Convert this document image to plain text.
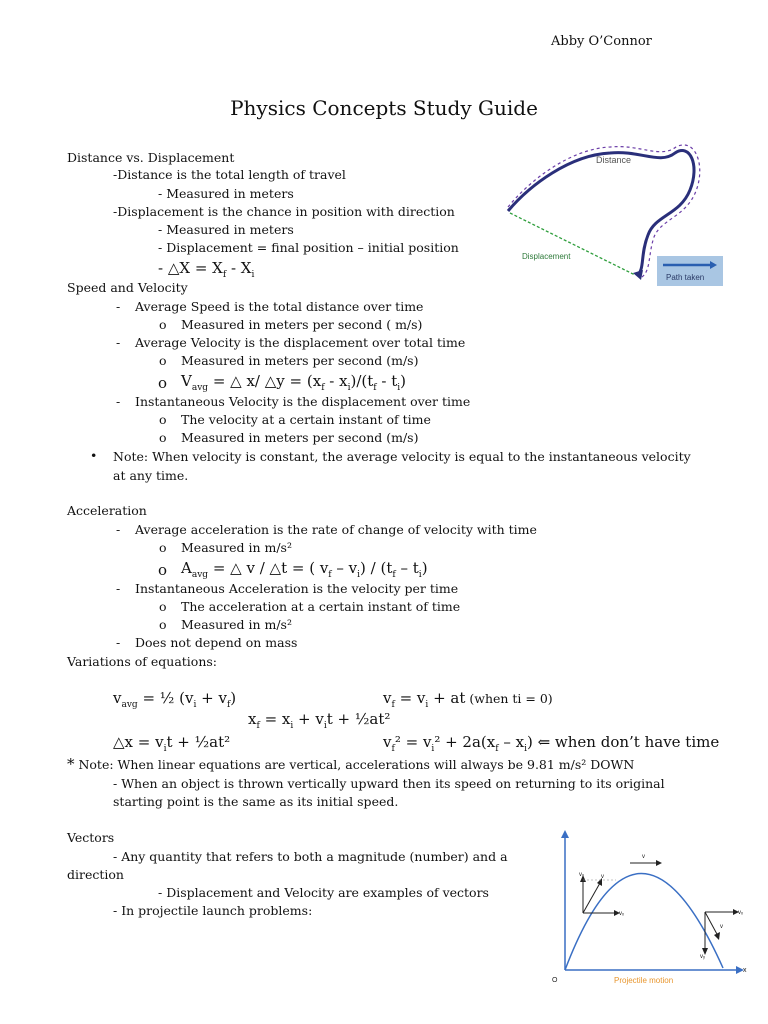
Abby O’Connor
Physics Concepts Study Guide
Distance vs. Displacement
-Distance is the total length of travel
- Measured in meters
-Displacement is the chance in position with direction
- Measured in meters
- Displacement = final position – initial position
- △X = $X_f - X_i$
Speed and Velocity
- Average Speed is the total distance over time
o Measured in meters per second ( m/s)
- Average Velocity is the displacement over total time
o Measured in meters per second (m/s)
o $V_{avg}$ = △ x/ △y = $(x_f - x_i)/(t_f - t_i)$
- Instantaneous Velocity is the displacement over time
o The velocity at a certain instant of time
o Measured in meters per second (m/s)
• Note: When velocity is constant, the average velocity is equal to the instantaneous velocity
at any time.
Acceleration
- Average acceleration is the rate of change of velocity with time
o Measured in m/s²
o $A_{avg}$ = △ v / △t = ( $v_f - v_i) / (t_f - t_i)$
- Instantaneous Acceleration is the velocity per time
o The acceleration at a certain instant of time
o Measured in m/s²
- Does not depend on mass
Variations of equations:
$v_{avg}$ = ½ $(v_i + v_f)$	$v_f = v_i$ + at (when ti = 0)
$x_f = x_i + v_it$ + ½at²
△x = $v_it$ + ½at²	$v_f^2 = v_i^2 + 2a(x_f - x_i)$ ⇐ when don’t have time
* Note: When linear equations are vertical, accelerations will always be 9.81 m/s² DOWN
- When an object is thrown vertically upward then its speed on returning to its original
starting point is the same as its initial speed.
Vectors
- Any quantity that refers to both a magnitude (number) and a
direction
- Displacement and Velocity are examples of vectors
- In projectile launch problems:
Distance
Displacement
Path taken
vᵧ	v
vₓ
v
vₓ
v
vᵧ
O
x
Projectile motion
